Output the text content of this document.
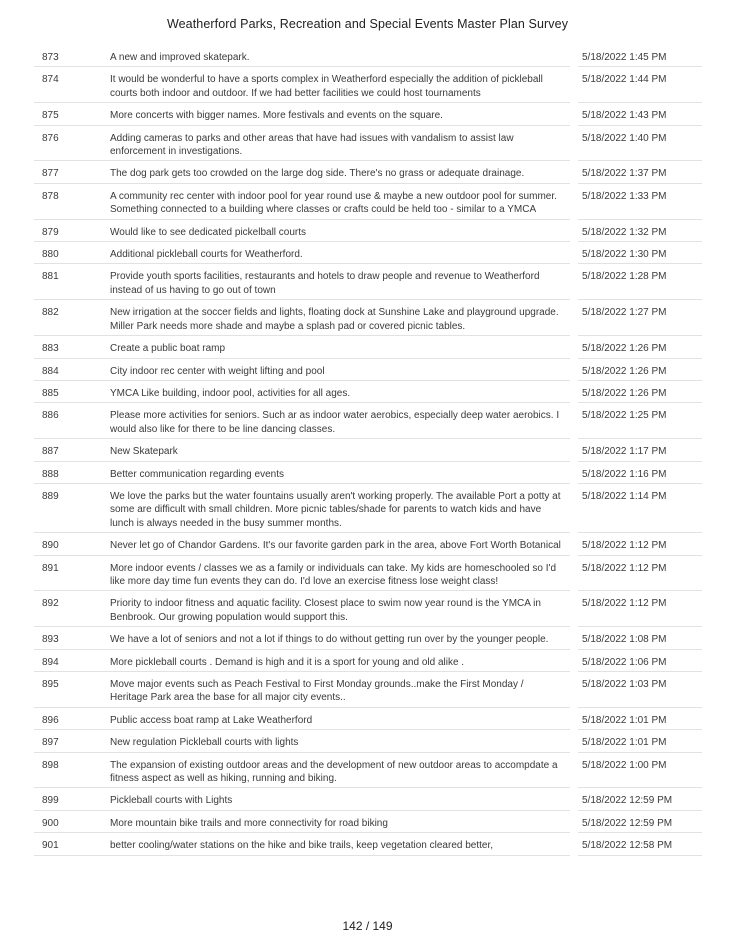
Weatherford Parks, Recreation and Special Events Master Plan Survey
873	A new and improved skatepark.		5/18/2022 1:45 PM
874	It would be wonderful to have a sports complex in Weatherford especially the addition of pickleball courts both indoor and outdoor. If we had better facilities we could host tournaments		5/18/2022 1:44 PM
875	More concerts with bigger names. More festivals and events on the square.		5/18/2022 1:43 PM
876	Adding cameras to parks and other areas that have had issues with vandalism to assist law enforcement in investigations.		5/18/2022 1:40 PM
877	The dog park gets too crowded on the large dog side. There's no grass or adequate drainage.		5/18/2022 1:37 PM
878	A community rec center with indoor pool for year round use & maybe a new outdoor pool for summer. Something connected to a building where classes or crafts could be held too - similar to a YMCA		5/18/2022 1:33 PM
879	Would like to see dedicated pickelball courts		5/18/2022 1:32 PM
880	Additional pickleball courts for Weatherford.		5/18/2022 1:30 PM
881	Provide youth sports facilities, restaurants and hotels to draw people and revenue to Weatherford instead of us having to go out of town		5/18/2022 1:28 PM
882	New irrigation at the soccer fields and lights, floating dock at Sunshine Lake and playground upgrade. Miller Park needs more shade and maybe a splash pad or covered picnic tables.		5/18/2022 1:27 PM
883	Create a public boat ramp		5/18/2022 1:26 PM
884	City indoor rec center with weight lifting and pool		5/18/2022 1:26 PM
885	YMCA Like building, indoor pool, activities for all ages.		5/18/2022 1:26 PM
886	Please more activities for seniors. Such ar as indoor water aerobics, especially deep water aerobics. I would also like for there to be line dancing classes.		5/18/2022 1:25 PM
887	New Skatepark		5/18/2022 1:17 PM
888	Better communication regarding events		5/18/2022 1:16 PM
889	We love the parks but the water fountains usually aren't working properly. The available Port a potty at some are difficult with small children. More picnic tables/shade for parents to watch kids and have lunch is always needed in the busy summer months.		5/18/2022 1:14 PM
890	Never let go of Chandor Gardens. It's our favorite garden park in the area, above Fort Worth Botanical		5/18/2022 1:12 PM
891	More indoor events / classes we as a family or individuals can take. My kids are homeschooled so I'd like more day time fun events they can do. I'd love an exercise fitness lose weight class!		5/18/2022 1:12 PM
892	Priority to indoor fitness and aquatic facility. Closest place to swim now year round is the YMCA in Benbrook. Our growing population would support this.		5/18/2022 1:12 PM
893	We have a lot of seniors and not a lot if things to do without getting run over by the younger people.		5/18/2022 1:08 PM
894	More pickleball courts . Demand is high and it is a sport for young and old alike .		5/18/2022 1:06 PM
895	Move major events such as Peach Festival to First Monday grounds..make the First Monday / Heritage Park area the base for all major city events..		5/18/2022 1:03 PM
896	Public access boat ramp at Lake Weatherford		5/18/2022 1:01 PM
897	New regulation Pickleball courts with lights		5/18/2022 1:01 PM
898	The expansion of existing outdoor areas and the development of new outdoor areas to accompdate a fitness aspect as well as hiking, running and biking.		5/18/2022 1:00 PM
899	Pickleball courts with Lights		5/18/2022 12:59 PM
900	More mountain bike trails and more connectivity for road biking		5/18/2022 12:59 PM
901	better cooling/water stations on the hike and bike trails, keep vegetation cleared better,		5/18/2022 12:58 PM
142 / 149
